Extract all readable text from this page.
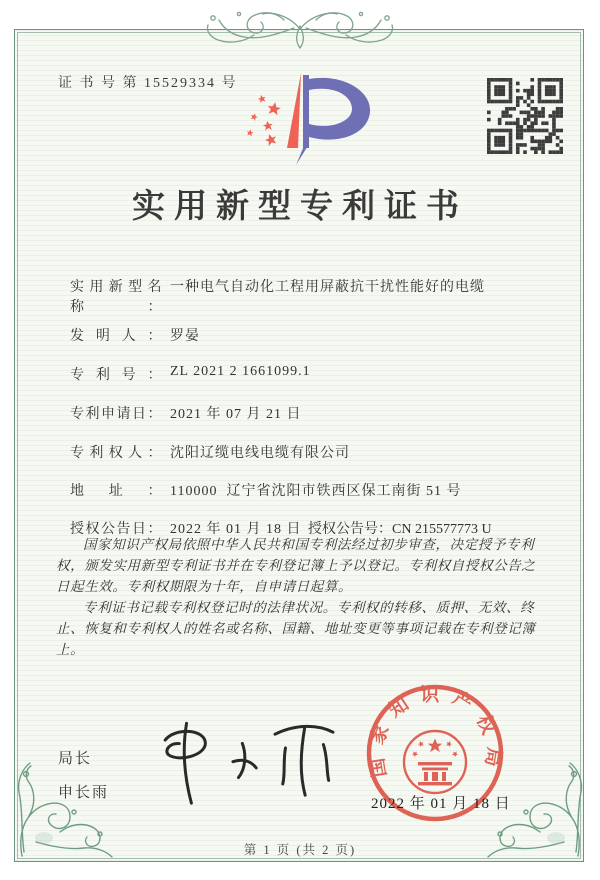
证 书 号 第 15529334 号
实用新型专利证书

实用新型名称：一种电气自动化工程用屏蔽抗干扰性能好的电缆

发明人： 罗晏

专利号： ZL 2021 2 1661099.1

专利申请日： 2021 年 07 月 21 日

专利权人： 沈阳辽缆电线电缆有限公司

地址： 110000  辽宁省沈阳市铁西区保工南街 51 号

授权公告日： 2022 年 01 月 18 日
授权公告号：CN 215577773 U

国家知识产权局依照中华人民共和国专利法经过初步审查，决定授予专利权，颁发实用新型专利证书并在专利登记簿上予以登记。专利权自授权公告之日起生效。专利权期限为十年，自申请日起算。

专利证书记载专利权登记时的法律状况。专利权的转移、质押、无效、终止、恢复和专利权人的姓名或名称、国籍、地址变更等事项记载在专利登记簿上。

局长
申长雨
国家知识产权局
2022 年 01 月 18 日
第 1 页 (共 2 页)
